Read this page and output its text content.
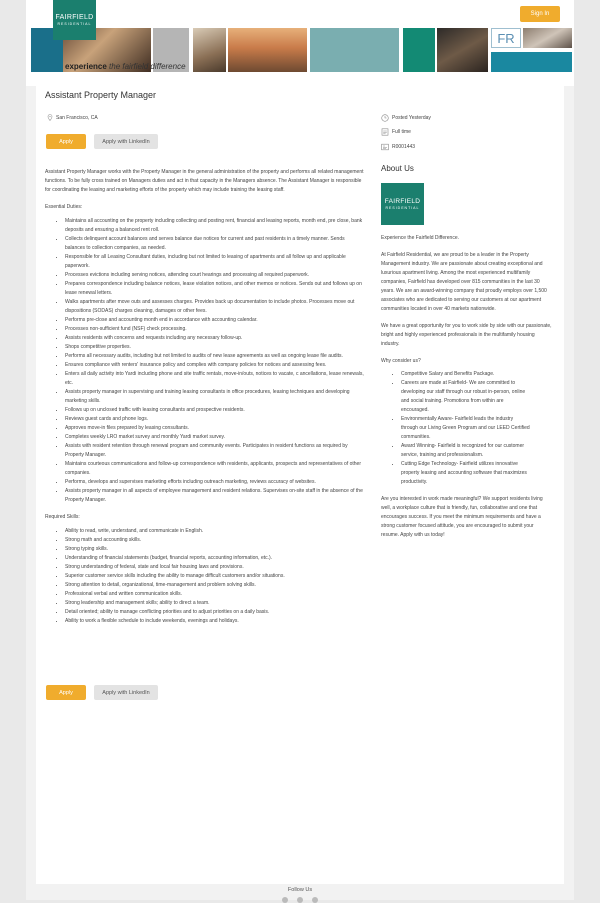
FR
FAIRFIELD
RESIDENTIAL
experience the fairfield difference
Sign In
Assistant Property Manager
San Francisco, CA	Posted Yesterday
Full time
R0001443
Apply	Apply with LinkedIn

Assistant Property Manager works with the Property Manager in the general administration of the property and performs all related management functions. To be fully cross trained on Managers duties and act in that capacity in the Managers absence. The Assistant Manager is responsible for coordinating the leasing and marketing efforts of the property which may include training the leasing staff.

Essential Duties:

• Maintains all accounting on the property including collecting and posting rent, financial and leasing reports, month end, pre close, bank deposits and ensuring a balanced rent roll.
• Collects delinquent account balances and serves balance due notices for current and past residents in a timely manner. Sends balances to collection companies, as needed.
• Responsible for all Leasing Consultant duties, including but not limited to leasing of apartments and all follow up and applicable paperwork.
• Processes evictions including serving notices, attending court hearings and processing all required paperwork.
• Prepares correspondence including balance notices, lease violation notices, and other memos or notices. Sends out and follows up on lease renewal letters.
• Walks apartments after move outs and assesses charges. Provides back up documentation to include photos. Processes move out dispositions (SODAS) charges cleaning, damages or other fees.
• Performs pre-close and accounting month end in accordance with accounting calendar.
• Processes non-sufficient fund (NSF) check processing.
• Assists residents with concerns and requests including any necessary follow-up.
• Shops competitive properties.
• Performs all necessary audits, including but not limited to audits of new lease agreements as well as ongoing lease file audits.
• Ensures compliance with renters' insurance policy and complies with company policies for notices and assessing fees.
• Enters all daily activity into Yardi including phone and site traffic rentals, move-in/outs, notices to vacate, c ancellations, lease renewals, etc.
• Assists property manager in supervising and training leasing consultants in office procedures, leasing techniques and developing marketing skills.
• Follows up on unclosed traffic with leasing consultants and prospective residents.
• Reviews guest cards and phone logs.
• Approves move-in files prepared by leasing consultants.
• Completes weekly LRO market survey and monthly Yardi market survey.
• Assists with resident retention through renewal program and community events. Participates in resident functions as required by Property Manager.
• Maintains courteous communications and follow-up correspondence with residents, applicants, prospects and representatives of other companies.
• Performs, develops and supervises marketing efforts including outreach marketing, reviews accuracy of websites.
• Assists property manager in all aspects of employee management and resident relations. Supervises on-site staff in the absence of the Property Manager.

Required Skills:

• Ability to read, write, understand, and communicate in English.
• Strong math and accounting skills.
• Strong typing skills.
• Understanding of financial statements (budget, financial reports, accounting information, etc.).
• Strong understanding of federal, state and local fair housing laws and provisions.
• Superior customer service skills including the ability to manage difficult customers and/or situations.
• Strong attention to detail, organizational, time-management and problem solving skills.
• Professional verbal and written communication skills.
• Strong leadership and management skills; ability to direct a team.
• Detail oriented; ability to manage conflicting priorities and to adjust priorities on a daily basis.
• Ability to work a flexible schedule to include weekends, evenings and holidays.
Apply	Apply with LinkedIn
About Us
FAIRFIELD
RESIDENTIAL

Experience the Fairfield Difference.

At Fairfield Residential, we are proud to be a leader in the Property Management industry. We are passionate about creating exceptional and luxurious apartment living. Among the most experienced multifamily companies, Fairfield has developed over 815 communities in the last 30 years. We are an award-winning company that proudly employs over 1,500 associates who are dedicated to serving our customers at our apartment communities located in over 40 markets nationwide.

We have a great opportunity for you to work side by side with our passionate, bright and highly experienced professionals in the multifamily housing industry.

Why consider us?

• Competitive Salary and Benefits Package.
• Careers are made at Fairfield- We are committed to developing our staff through our robust in-person, online and social training. Promotions from within are encouraged.
• Environmentally Aware- Fairfield leads the industry through our Living Green Program and our LEED Certified communities.
• Award Winning- Fairfield is recognized for our customer service, training and professionalism.
• Cutting Edge Technology- Fairfield utilizes innovative property leasing and accounting software that maximizes productivity.

Are you interested in work made meaningful? We support residents living well, a workplace culture that is friendly, fun, collaborative and one that encourages success. If you meet the minimum requirements and have a strong customer focused attitude, you are encouraged to submit your resume. Apply with us today!

Follow Us
